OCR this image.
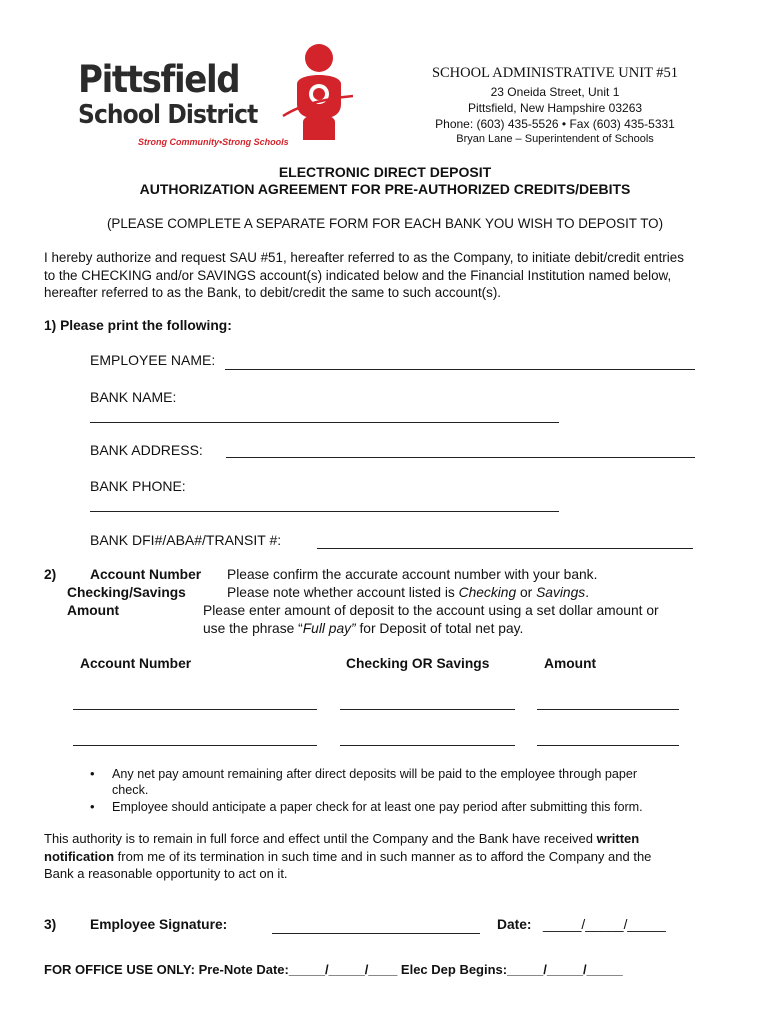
Pittsfield
School District
Strong Community•Strong Schools
SCHOOL ADMINISTRATIVE UNIT #51
23 Oneida Street, Unit 1
Pittsfield, New Hampshire 03263
Phone: (603) 435-5526 • Fax (603) 435-5331
Bryan Lane – Superintendent of Schools
ELECTRONIC DIRECT DEPOSIT
AUTHORIZATION AGREEMENT FOR PRE-AUTHORIZED CREDITS/DEBITS
(PLEASE COMPLETE A SEPARATE FORM FOR EACH BANK YOU WISH TO DEPOSIT TO)
I hereby authorize and request SAU #51, hereafter referred to as the Company, to initiate debit/credit entries
to the CHECKING and/or SAVINGS account(s) indicated below and the Financial Institution named below,
hereafter referred to as the Bank, to debit/credit the same to such account(s).
1) Please print the following:
EMPLOYEE NAME:
BANK NAME:
BANK ADDRESS:
BANK PHONE:
BANK DFI#/ABA#/TRANSIT #:
2) Account Number Please confirm the accurate account number with your bank.
Checking/Savings	Please note whether account listed is Checking or Savings.
Amount	Please enter amount of deposit to the account using a set dollar amount or
use the phrase “Full pay” for Deposit of total net pay.
Account Number	Checking OR Savings	Amount
• Any net pay amount remaining after direct deposits will be paid to the employee through paper
check.
• Employee should anticipate a paper check for at least one pay period after submitting this form.
This authority is to remain in full force and effect until the Company and the Bank have received written
notification from me of its termination in such time and in such manner as to afford the Company and the
Bank a reasonable opportunity to act on it.
3) Employee Signature:	Date: _____/_____/_____
FOR OFFICE USE ONLY: Pre-Note Date:_____/_____/____ Elec Dep Begins:_____/_____/_____
